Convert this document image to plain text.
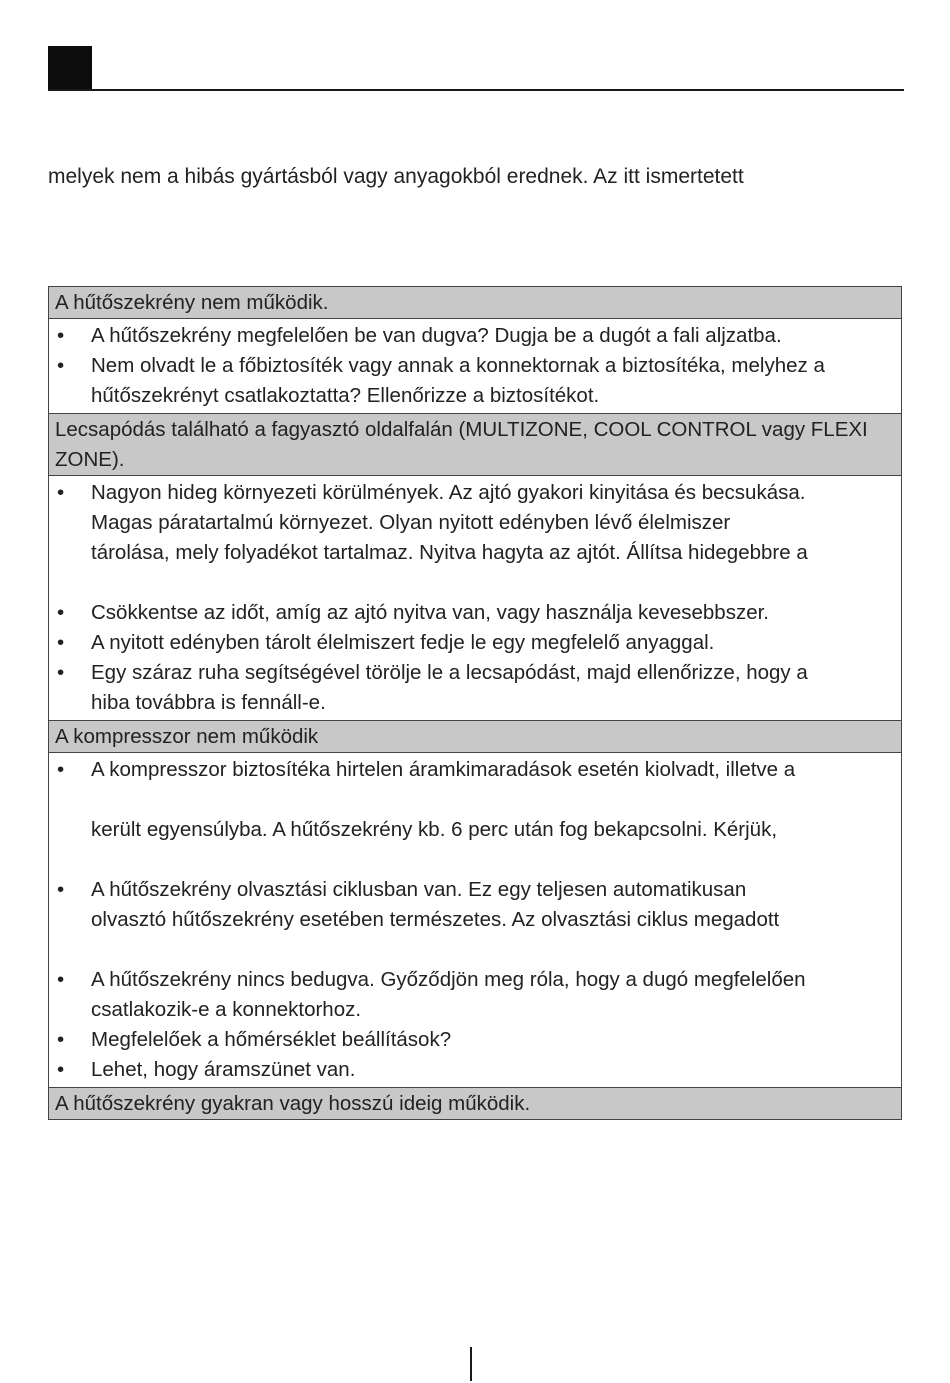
melyek nem a hibás gyártásból vagy anyagokból erednek. Az itt ismertetett

A hűtőszekrény nem működik.

•	A hűtőszekrény megfelelően be van dugva? Dugja be a dugót a fali aljzatba.
•	Nem olvadt le a főbiztosíték vagy annak a konnektornak a biztosítéka, melyhez a
hűtőszekrényt csatlakoztatta? Ellenőrizze a biztosítékot.

Lecsapódás található a fagyasztó oldalfalán (MULTIZONE, COOL CONTROL vagy FLEXI ZONE).

•	Nagyon hideg környezeti körülmények. Az ajtó gyakori kinyitása és becsukása.
Magas páratartalmú környezet. Olyan nyitott edényben lévő élelmiszer
tárolása, mely folyadékot tartalmaz. Nyitva hagyta az ajtót. Állítsa hidegebbre a
•	Csökkentse az időt, amíg az ajtó nyitva van, vagy használja kevesebbszer.
•	A nyitott edényben tárolt élelmiszert fedje le egy megfelelő anyaggal.
•	Egy száraz ruha segítségével törölje le a lecsapódást, majd ellenőrizze, hogy a
hiba továbbra is fennáll-e.

A kompresszor nem működik

•	A kompresszor biztosítéka hirtelen áramkimaradások esetén kiolvadt, illetve a
került egyensúlyba. A hűtőszekrény kb. 6 perc után fog bekapcsolni. Kérjük,
•	A hűtőszekrény olvasztási ciklusban van. Ez egy teljesen automatikusan
olvasztó hűtőszekrény esetében természetes. Az olvasztási ciklus megadott
•	A hűtőszekrény nincs bedugva. Győződjön meg róla, hogy a dugó megfelelően
csatlakozik-e a konnektorhoz.
•	Megfelelőek a hőmérséklet beállítások?
•	Lehet, hogy áramszünet van.

A hűtőszekrény gyakran vagy hosszú ideig működik.
